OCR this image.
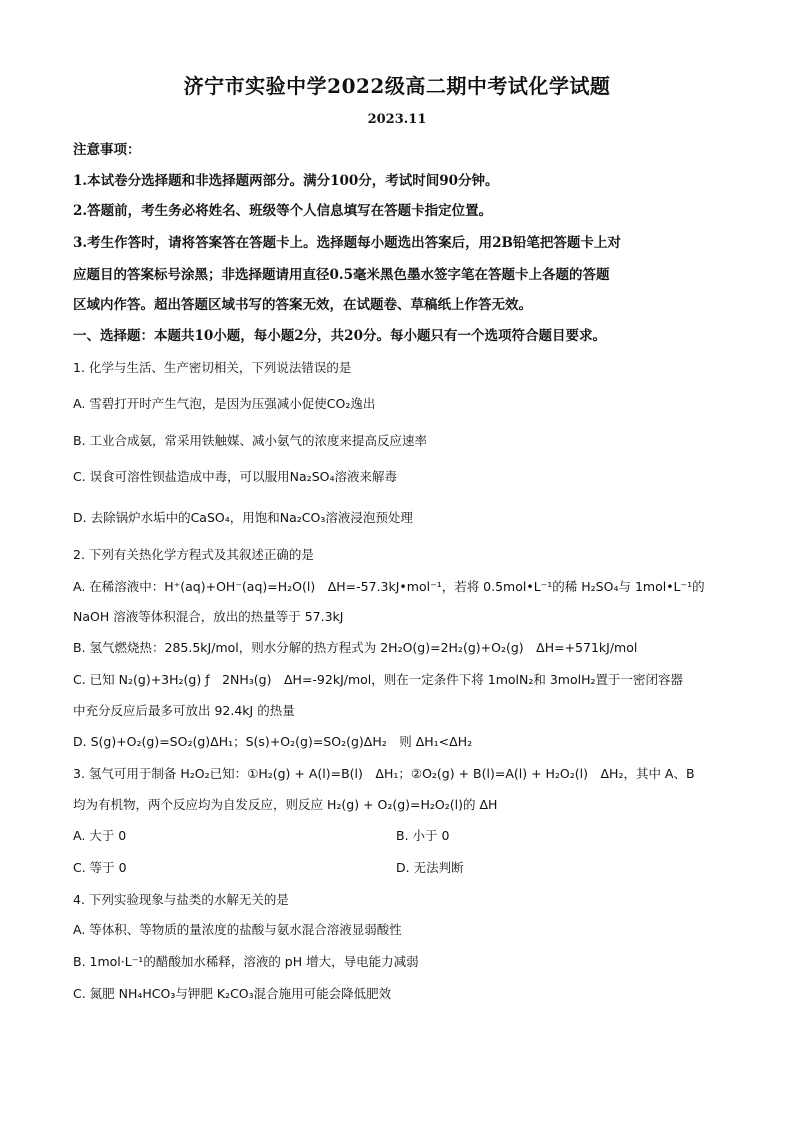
济宁市实验中学2022级高二期中考试化学试题
2023.11
注意事项：
1.本试卷分选择题和非选择题两部分。满分100分，考试时间90分钟。
2.答题前，考生务必将姓名、班级等个人信息填写在答题卡指定位置。
3.考生作答时，请将答案答在答题卡上。选择题每小题选出答案后，用2B铅笔把答题卡上对
应题目的答案标号涂黑；非选择题请用直径0.5毫米黑色墨水签字笔在答题卡上各题的答题
区域内作答。超出答题区域书写的答案无效，在试题卷、草稿纸上作答无效。
一、选择题：本题共10小题，每小题2分，共20分。每小题只有一个选项符合题目要求。
1. 化学与生活、生产密切相关，下列说法错误的是
A. 雪碧打开时产生气泡，是因为压强减小促使CO₂逸出
B. 工业合成氨，常采用铁触媒、减小氨气的浓度来提高反应速率
C. 误食可溶性钡盐造成中毒，可以服用Na₂SO₄溶液来解毒
D. 去除锅炉水垢中的CaSO₄，用饱和Na₂CO₃溶液浸泡预处理
2. 下列有关热化学方程式及其叙述正确的是
A. 在稀溶液中：H⁺(aq)+OH⁻(aq)=H₂O(l)　ΔH=-57.3kJ•mol⁻¹，若将 0.5mol•L⁻¹的稀 H₂SO₄与 1mol•L⁻¹的
NaOH 溶液等体积混合，放出的热量等于 57.3kJ
B. 氢气燃烧热：285.5kJ/mol，则水分解的热方程式为 2H₂O(g)=2H₂(g)+O₂(g)　ΔH=+571kJ/mol
C. 已知 N₂(g)+3H₂(g) ƒ　2NH₃(g)　ΔH=-92kJ/mol，则在一定条件下将 1molN₂和 3molH₂置于一密闭容器
中充分反应后最多可放出 92.4kJ 的热量
D. S(g)+O₂(g)=SO₂(g)ΔH₁；S(s)+O₂(g)=SO₂(g)ΔH₂　则 ΔH₁<ΔH₂
3. 氢气可用于制备 H₂O₂已知：①H₂(g) + A(l)=B(l)　ΔH₁；②O₂(g) + B(l)=A(l) + H₂O₂(l)　ΔH₂，其中 A、B
均为有机物，两个反应均为自发反应，则反应 H₂(g) + O₂(g)=H₂O₂(l)的 ΔH
A. 大于 0	B. 小于 0
C. 等于 0	D. 无法判断
4. 下列实验现象与盐类的水解无关的是
A. 等体积、等物质的量浓度的盐酸与氨水混合溶液显弱酸性
B. 1mol·L⁻¹的醋酸加水稀释，溶液的 pH 增大，导电能力减弱
C. 氮肥 NH₄HCO₃与钾肥 K₂CO₃混合施用可能会降低肥效
